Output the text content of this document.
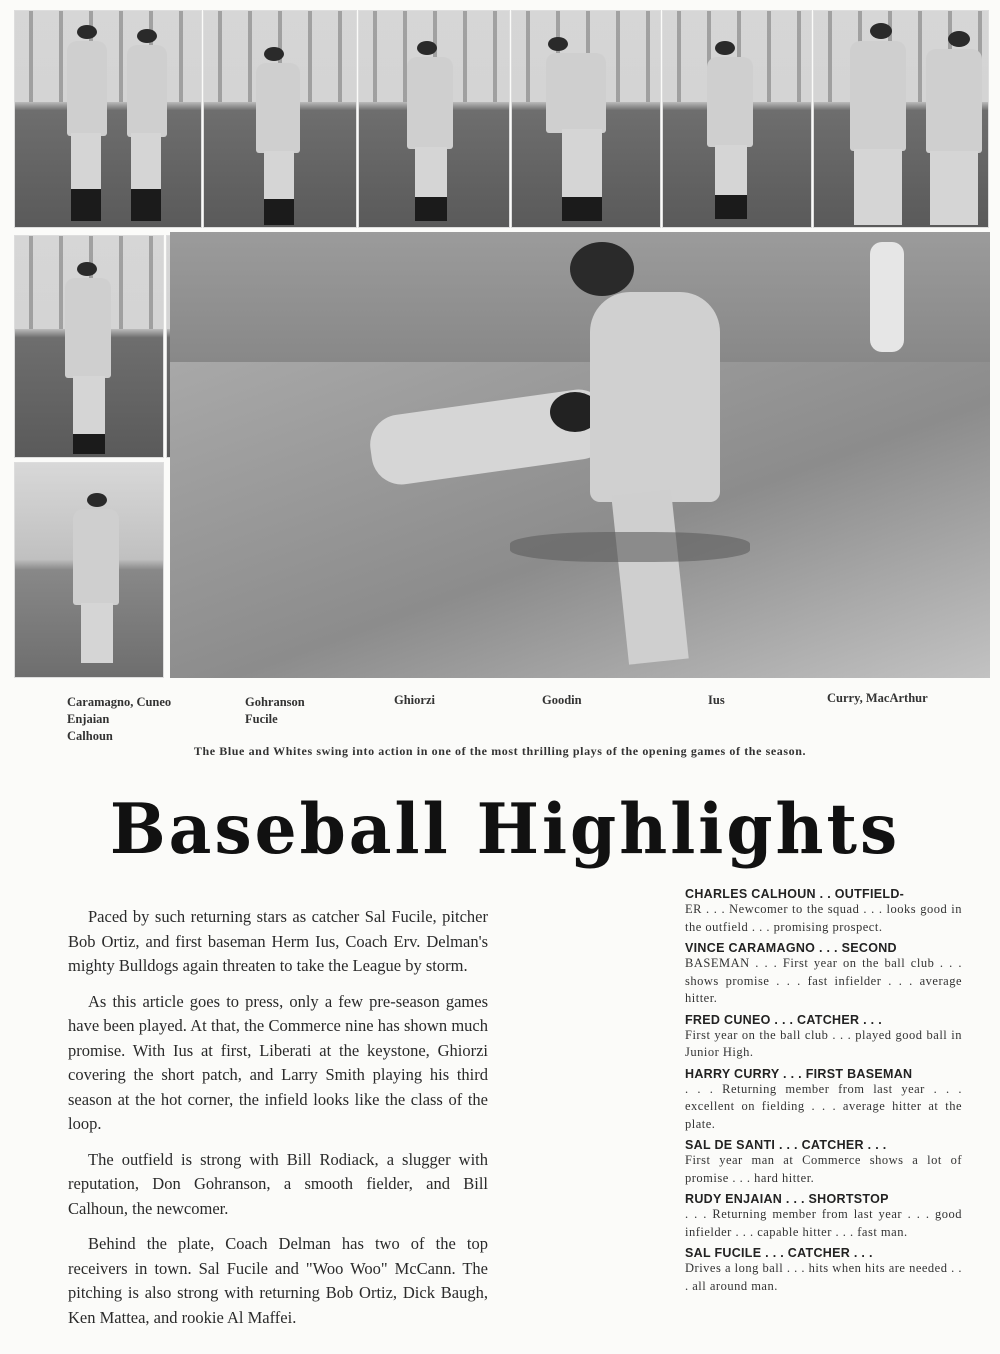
Caramagno, Cuneo
Enjaian
Calhoun
Gohranson
Fucile
Ghiorzi	Goodin	Ius	Curry, MacArthur
The Blue and Whites swing into action in one of the most thrilling plays of the opening games of the season.
Baseball Highlights

Paced by such returning stars as catcher Sal Fucile, pitcher Bob Ortiz, and first baseman Herm Ius, Coach Erv. Delman's mighty Bulldogs again threaten to take the League by storm.

As this article goes to press, only a few pre-season games have been played. At that, the Commerce nine has shown much promise. With Ius at first, Liberati at the keystone, Ghiorzi covering the short patch, and Larry Smith playing his third season at the hot corner, the infield looks like the class of the loop.

The outfield is strong with Bill Rodiack, a slugger with reputation, Don Gohranson, a smooth fielder, and Bill Calhoun, the newcomer.

Behind the plate, Coach Delman has two of the top receivers in town. Sal Fucile and "Woo Woo" McCann. The pitching is also strong with returning Bob Ortiz, Dick Baugh, Ken Mattea, and rookie Al Maffei.

CHARLES CALHOUN . . OUTFIELD-
ER . . . Newcomer to the squad . . . looks good in the outfield . . . promising prospect.
VINCE CARAMAGNO . . . SECOND
BASEMAN . . . First year on the ball club . . . shows promise . . . fast infielder . . . average hitter.
FRED CUNEO . . . CATCHER . . .
First year on the ball club . . . played good ball in Junior High.
HARRY CURRY . . . FIRST BASEMAN
. . . Returning member from last year . . . excellent on fielding . . . average hitter at the plate.
SAL DE SANTI . . . CATCHER . . .
First year man at Commerce shows a lot of promise . . . hard hitter.
RUDY ENJAIAN . . . SHORTSTOP
. . . Returning member from last year . . . good infielder . . . capable hitter . . . fast man.
SAL FUCILE . . . CATCHER . . .
Drives a long ball . . . hits when hits are needed . . . all around man.
